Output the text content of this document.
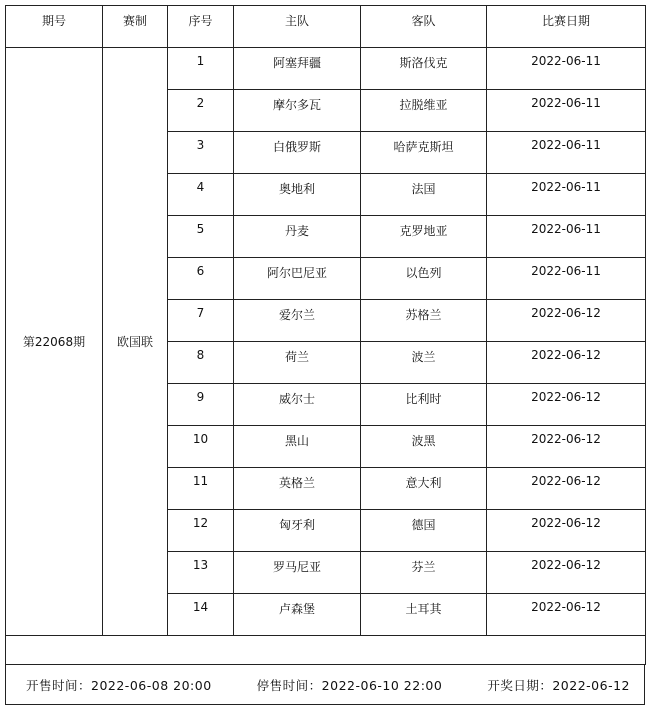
期号	赛制	序号	主队	客队	比赛日期
第22068期	欧国联	1	阿塞拜疆	斯洛伐克	2022-06-11
		2	摩尔多瓦	拉脱维亚	2022-06-11
		3	白俄罗斯	哈萨克斯坦	2022-06-11
		4	奥地利	法国	2022-06-11
		5	丹麦	克罗地亚	2022-06-11
		6	阿尔巴尼亚	以色列	2022-06-11
		7	爱尔兰	苏格兰	2022-06-12
		8	荷兰	波兰	2022-06-12
		9	威尔士	比利时	2022-06-12
		10	黑山	波黑	2022-06-12
		11	英格兰	意大利	2022-06-12
		12	匈牙利	德国	2022-06-12
		13	罗马尼亚	芬兰	2022-06-12
		14	卢森堡	土耳其	2022-06-12

开售时间：2022-06-08 20:00	停售时间：2022-06-10 22:00	开奖日期：2022-06-12
